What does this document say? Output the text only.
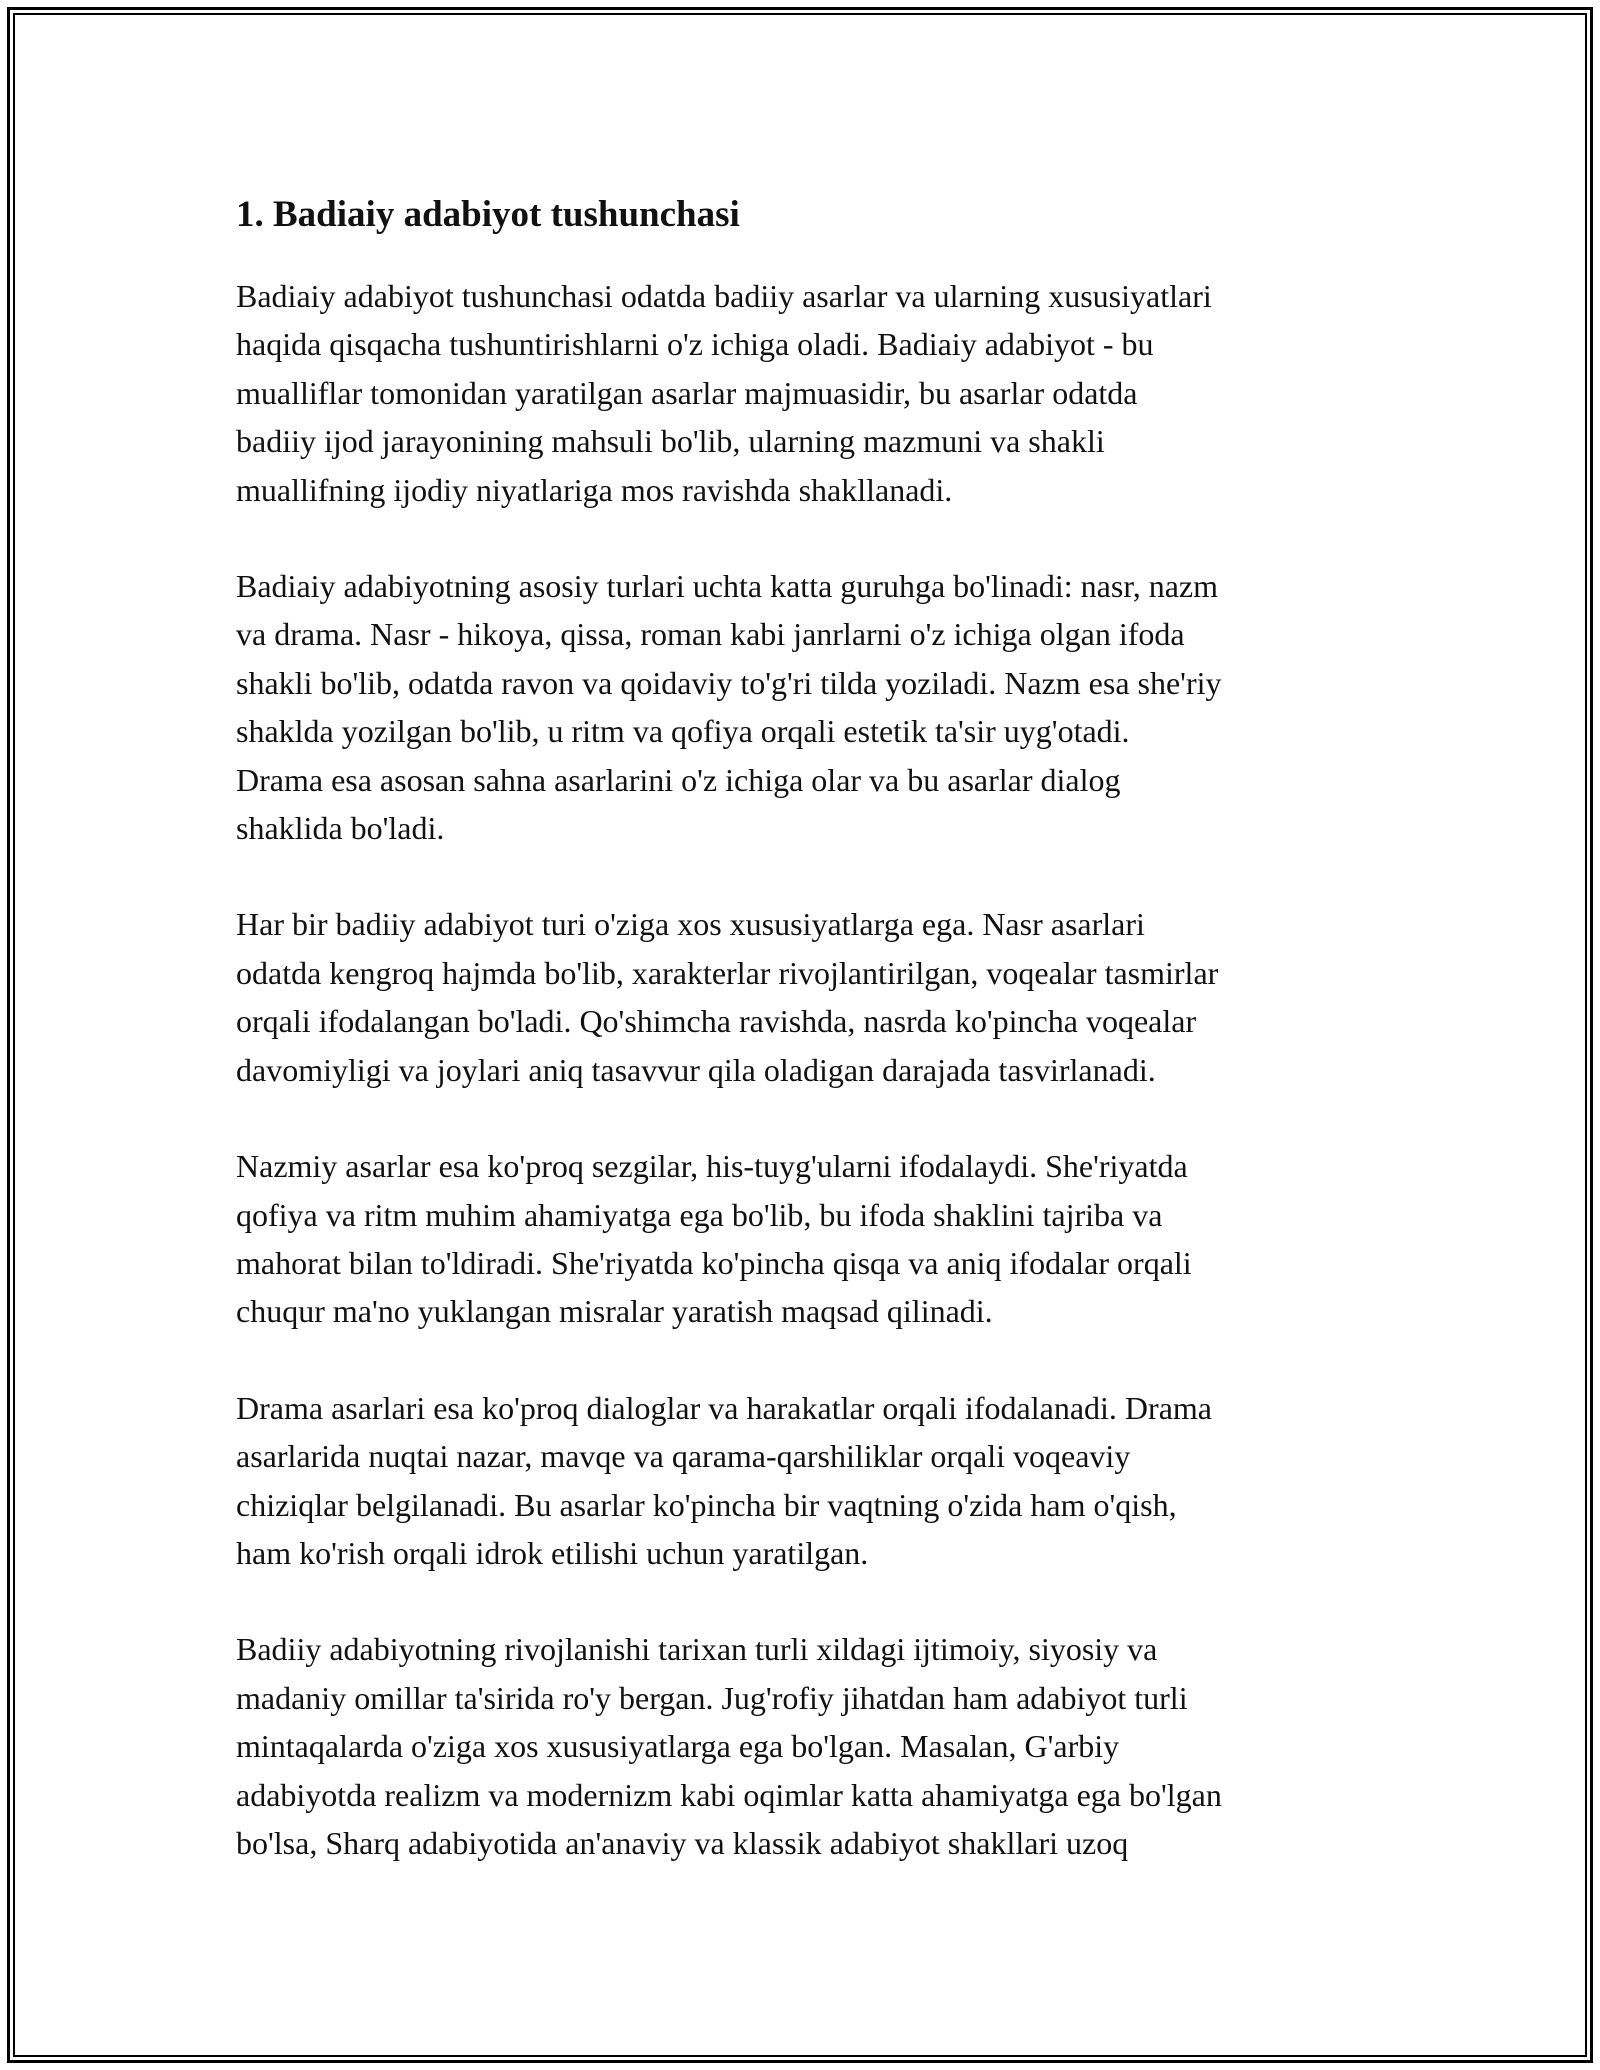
1. Badiaiy adabiyot tushunchasi

Badiaiy adabiyot tushunchasi odatda badiiy asarlar va ularning xususiyatlari
haqida qisqacha tushuntirishlarni o'z ichiga oladi. Badiaiy adabiyot - bu
mualliflar tomonidan yaratilgan asarlar majmuasidir, bu asarlar odatda
badiiy ijod jarayonining mahsuli bo'lib, ularning mazmuni va shakli
muallifning ijodiy niyatlariga mos ravishda shakllanadi.

Badiaiy adabiyotning asosiy turlari uchta katta guruhga bo'linadi: nasr, nazm
va drama. Nasr - hikoya, qissa, roman kabi janrlarni o'z ichiga olgan ifoda
shakli bo'lib, odatda ravon va qoidaviy to'g'ri tilda yoziladi. Nazm esa she'riy
shaklda yozilgan bo'lib, u ritm va qofiya orqali estetik ta'sir uyg'otadi.
Drama esa asosan sahna asarlarini o'z ichiga olar va bu asarlar dialog
shaklida bo'ladi.

Har bir badiiy adabiyot turi o'ziga xos xususiyatlarga ega. Nasr asarlari
odatda kengroq hajmda bo'lib, xarakterlar rivojlantirilgan, voqealar tasmirlar
orqali ifodalangan bo'ladi. Qo'shimcha ravishda, nasrda ko'pincha voqealar
davomiyligi va joylari aniq tasavvur qila oladigan darajada tasvirlanadi.

Nazmiy asarlar esa ko'proq sezgilar, his-tuyg'ularni ifodalaydi. She'riyatda
qofiya va ritm muhim ahamiyatga ega bo'lib, bu ifoda shaklini tajriba va
mahorat bilan to'ldiradi. She'riyatda ko'pincha qisqa va aniq ifodalar orqali
chuqur ma'no yuklangan misralar yaratish maqsad qilinadi.

Drama asarlari esa ko'proq dialoglar va harakatlar orqali ifodalanadi. Drama
asarlarida nuqtai nazar, mavqe va qarama-qarshiliklar orqali voqeaviy
chiziqlar belgilanadi. Bu asarlar ko'pincha bir vaqtning o'zida ham o'qish,
ham ko'rish orqali idrok etilishi uchun yaratilgan.

Badiiy adabiyotning rivojlanishi tarixan turli xildagi ijtimoiy, siyosiy va
madaniy omillar ta'sirida ro'y bergan. Jug'rofiy jihatdan ham adabiyot turli
mintaqalarda o'ziga xos xususiyatlarga ega bo'lgan. Masalan, G'arbiy
adabiyotda realizm va modernizm kabi oqimlar katta ahamiyatga ega bo'lgan
bo'lsa, Sharq adabiyotida an'anaviy va klassik adabiyot shakllari uzoq
